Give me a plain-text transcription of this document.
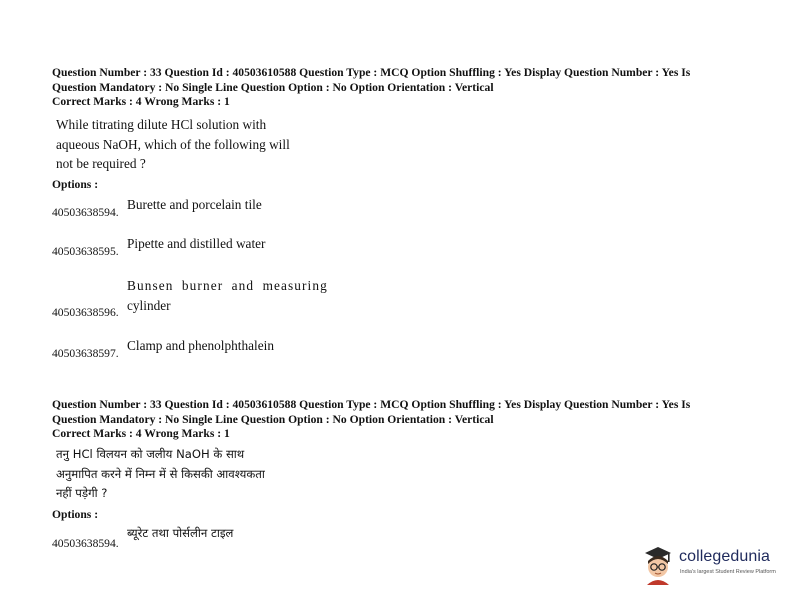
Question Number : 33 Question Id : 40503610588 Question Type : MCQ Option Shuffling : Yes Display Question Number : Yes Is
Question Mandatory : No Single Line Question Option : No Option Orientation : Vertical
Correct Marks : 4 Wrong Marks : 1
While titrating dilute HCl solution with
aqueous NaOH, which of the following will
not be required ?
Options :
Burette and porcelain tile
40503638594.
Pipette and distilled water
40503638595.
Bunsen burner and measuring
cylinder
40503638596.
Clamp and phenolphthalein
40503638597.
Question Number : 33 Question Id : 40503610588 Question Type : MCQ Option Shuffling : Yes Display Question Number : Yes Is
Question Mandatory : No Single Line Question Option : No Option Orientation : Vertical
Correct Marks : 4 Wrong Marks : 1
तनु HCl विलयन को जलीय NaOH के साथ
अनुमापित करने में निम्न में से किसकी आवश्यकता
नहीं पड़ेगी ?
Options :
ब्यूरेट तथा पोर्सलीन टाइल
40503638594.
collegedunia
India's largest Student Review Platform
